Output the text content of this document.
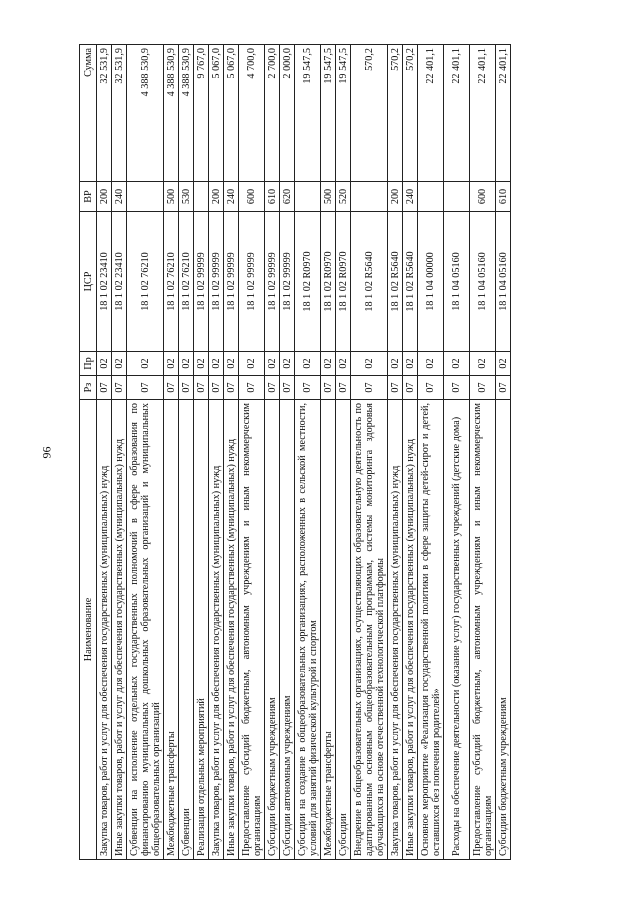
96
Наименование	Рз	Пр	ЦСР	ВР	Сумма
Закупка товаров, работ и услуг для обеспечения государственных (муниципальных) нужд	07	02	18 1 02 23410	200	32 531,9
Иные закупки товаров, работ и услуг для обеспечения государственных (муниципальных) нужд	07	02	18 1 02 23410	240	32 531,9
Субвенции на исполнение отдельных государственных полномочий в сфере образования по финансированию муниципальных дошкольных образовательных организаций и муниципальных общеобразовательных организаций	07	02	18 1 02 76210		4 388 530,9
Межбюджетные трансферты	07	02	18 1 02 76210	500	4 388 530,9
Субвенции	07	02	18 1 02 76210	530	4 388 530,9
Реализация отдельных мероприятий	07	02	18 1 02 99999		9 767,0
Закупка товаров, работ и услуг для обеспечения государственных (муниципальных) нужд	07	02	18 1 02 99999	200	5 067,0
Иные закупки товаров, работ и услуг для обеспечения государственных (муниципальных) нужд	07	02	18 1 02 99999	240	5 067,0
Предоставление субсидий бюджетным, автономным учреждениям и иным некоммерческим организациям	07	02	18 1 02 99999	600	4 700,0
Субсидии бюджетным учреждениям	07	02	18 1 02 99999	610	2 700,0
Субсидии автономным учреждениям	07	02	18 1 02 99999	620	2 000,0
Субсидии на создание в общеобразовательных организациях, расположенных в сельской местности, условий для занятий физической культурой и спортом	07	02	18 1 02 R0970		19 547,5
Межбюджетные трансферты	07	02	18 1 02 R0970	500	19 547,5
Субсидии	07	02	18 1 02 R0970	520	19 547,5
Внедрение в общеобразовательных организациях, осуществляющих образовательную деятельность по адаптированным основным общеобразовательным программам, системы мониторинга здоровья обучающихся на основе отечественной технологической платформы	07	02	18 1 02 R5640		570,2
Закупка товаров, работ и услуг для обеспечения государственных (муниципальных) нужд	07	02	18 1 02 R5640	200	570,2
Иные закупки товаров, работ и услуг для обеспечения государственных (муниципальных) нужд	07	02	18 1 02 R5640	240	570,2
Основное мероприятие «Реализация государственной политики в сфере защиты детей-сирот и детей, оставшихся без попечения родителей»	07	02	18 1 04 00000		22 401,1
Расходы на обеспечение деятельности (оказание услуг) государственных учреждений (детские дома)	07	02	18 1 04 05160		22 401,1
Предоставление субсидий бюджетным, автономным учреждениям и иным некоммерческим организациям	07	02	18 1 04 05160	600	22 401,1
Субсидии бюджетным учреждениям	07	02	18 1 04 05160	610	22 401,1
